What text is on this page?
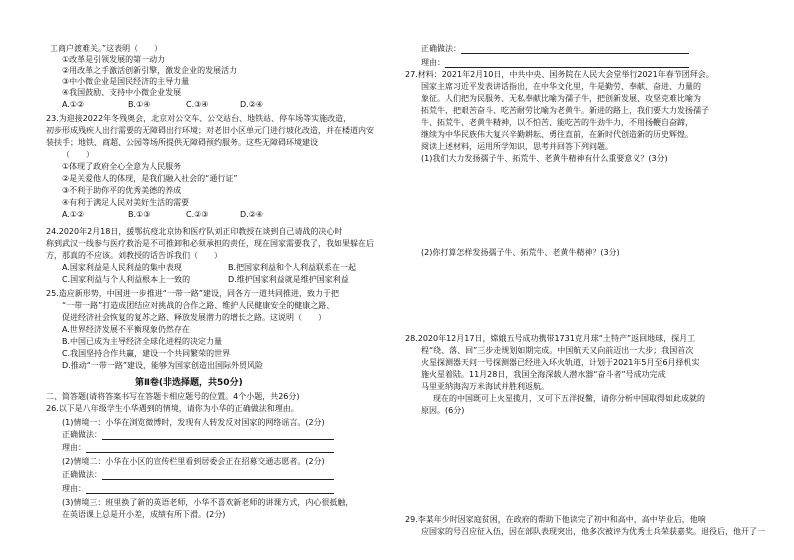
工商户渡难关。”这表明（　　）
①改革是引领发展的第一动力
②用改革之手激活创新引擎，激发企业的发展活力
③中小微企业是国民经济的主导力量
④我国鼓励、支持中小微企业发展
A.①②	B.①④	C.③④	D.②④
23.为迎接2022年冬残奥会，北京对公交车、公交站台、地铁站、停车场等实施改造，
初步形成残疾人出行需要的无障碍出行环境；对老旧小区单元门进行坡化改造，并在楼道内安
装扶手；地铁、商超、公园等场所提供无障碍预约服务。这些无障碍环境建设
（　　）
①体现了政府全心全意为人民服务
②是关爱他人的体现，是我们融入社会的“通行证”
③不利于助你平的优秀美德的养成
④有利于满足人民对美好生活的需要
A.①②	B.①③	C.②③	D.②④
24.2020年2月18日，援鄂抗疫北京协和医疗队刘正印教授在谈到自己请战的决心时
称到武汉一线参与医疗救治是不可推卸和必须承担的责任，现在国家需要我了，我如果躲在后
方，那真的不应该。刘教授的话告诉我们（　　）
A.国家利益是人民利益的集中表现	B.把国家利益和个人利益联系在一起
C.国家利益与个人利益根本上一致的	D.维护国家利益就是维护国家利益
25.造应新形势，中国进一步推进“一带一路”建设，同各方一道共同推进，致力于把
“一带一路”打造成团结应对挑战的合作之路、维护人民健康安全的健康之路、
促进经济社会恢复的复苏之路、释放发展潜力的增长之路。这说明（　　）
A.世界经济发展不平衡现象仍然存在
B.中国已成为主导经济全球化进程的决定力量
C.我国坚持合作共赢，建设一个共同繁荣的世界
D.推动“一带一路”建设，能够为国家创造出国际外贸风险
第Ⅱ卷(非选择题，共50分)
二、简答题(请将答案书写在答题卡相应题号的位置。4个小题，共26分)
26.以下是八年级学生小华遇到的情境，请你为小华的正确做法和理由。
(1)情境一：小华在浏览微博时，发现有人转发反对国家的网络谣言。(2分)
正确做法：
理由：
(2)情境二：小华在小区的宣传栏里看到居委会正在招募交通志愿者。(2分)
正确做法：
理由：
(3)情境三：班里换了新的英语老师，小华不喜欢新老师的讲课方式，内心很抵触，
在英语课上总是开小差，成绩有所下滑。(2分)
正确做法：
理由：
27.材料：2021年2月10日，中共中央、国务院在人民大会堂举行2021年春节团拜会。
国家主席习近平发表讲话指出，在中华文化里，牛是勤劳、奉献、奋进、力量的
象征。人们把为民服务、无私奉献比喻为孺子牛，把创新发展、攻坚克难比喻为
拓荒牛，把艰苦奋斗、吃苦耐劳比喻为老黄牛。新进的路上，我们要大力发扬孺子
牛、拓荒牛、老黄牛精神，以不怕苦、能吃苦的牛劲牛力，不用扬鞭自奋蹄，
继续为中华民族伟大复兴辛勤耕耘、勇往直前，在新时代创造新的历史辉煌。
阅读上述材料，运用所学知识，思考并回答下列问题。
(1)我们大力发扬孺子牛、拓荒牛、老黄牛精神有什么重要意义？(3分)
(2)你打算怎样发扬孺子牛、拓荒牛、老黄牛精神？(3分)
28.2020年12月17日，嫦娥五号成功携带1731克月球“土特产”返回地球，探月工
程“绕、落、回”三步走规划如期完成。中国航天又向前迈出一大步；我国首次
火星探测器天问一号探测器已经进入环火轨道，计划于2021年5月至6月择机实
施火星着陆。11月28日，我国全海深载人潜水器“奋斗者”号成功完成
马里亚纳海沟万米海试并胜利返航。
现在的中国既可上火星揽月，又可下五洋捉鳖，请你分析中国取得如此成就的
原因。(6分)
29.李某年少时因家庭贫困，在政府的帮助下他读完了初中和高中，高中毕业后，他响
应国家的号召应征入伍，因在部队表现突出，他多次被评为优秀士兵荣获嘉奖。退役后，他开了一
